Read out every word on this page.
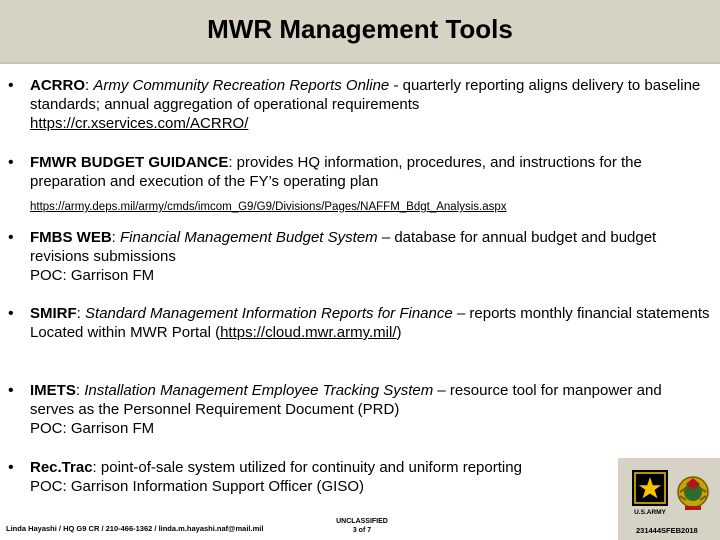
MWR Management Tools
• ACRRO: Army Community Recreation Reports Online - quarterly reporting aligns delivery to baseline standards; annual aggregation of operational requirements
https://cr.xservices.com/ACRRO/
• FMWR BUDGET GUIDANCE: provides HQ information, procedures, and instructions for the preparation and execution of the FY’s operating plan
https://army.deps.mil/army/cmds/imcom_G9/G9/Divisions/Pages/NAFFM_Bdgt_Analysis.aspx
• FMBS WEB: Financial Management Budget System – database for annual budget and budget revisions submissions
POC: Garrison FM
• SMIRF: Standard Management Information Reports for Finance – reports monthly financial statements
Located within MWR Portal (https://cloud.mwr.army.mil/)
• IMETS: Installation Management Employee Tracking System – resource tool for manpower and serves as the Personnel Requirement Document (PRD)
POC: Garrison FM
• Rec.Trac: point-of-sale system utilized for continuity and uniform reporting
POC: Garrison Information Support Officer (GISO)
U.S.ARMY
Linda Hayashi / HQ G9 CR / 210-466-1362 / linda.m.hayashi.naf@mail.mil
UNCLASSIFIED
3 of 7	231444SFEB2018
